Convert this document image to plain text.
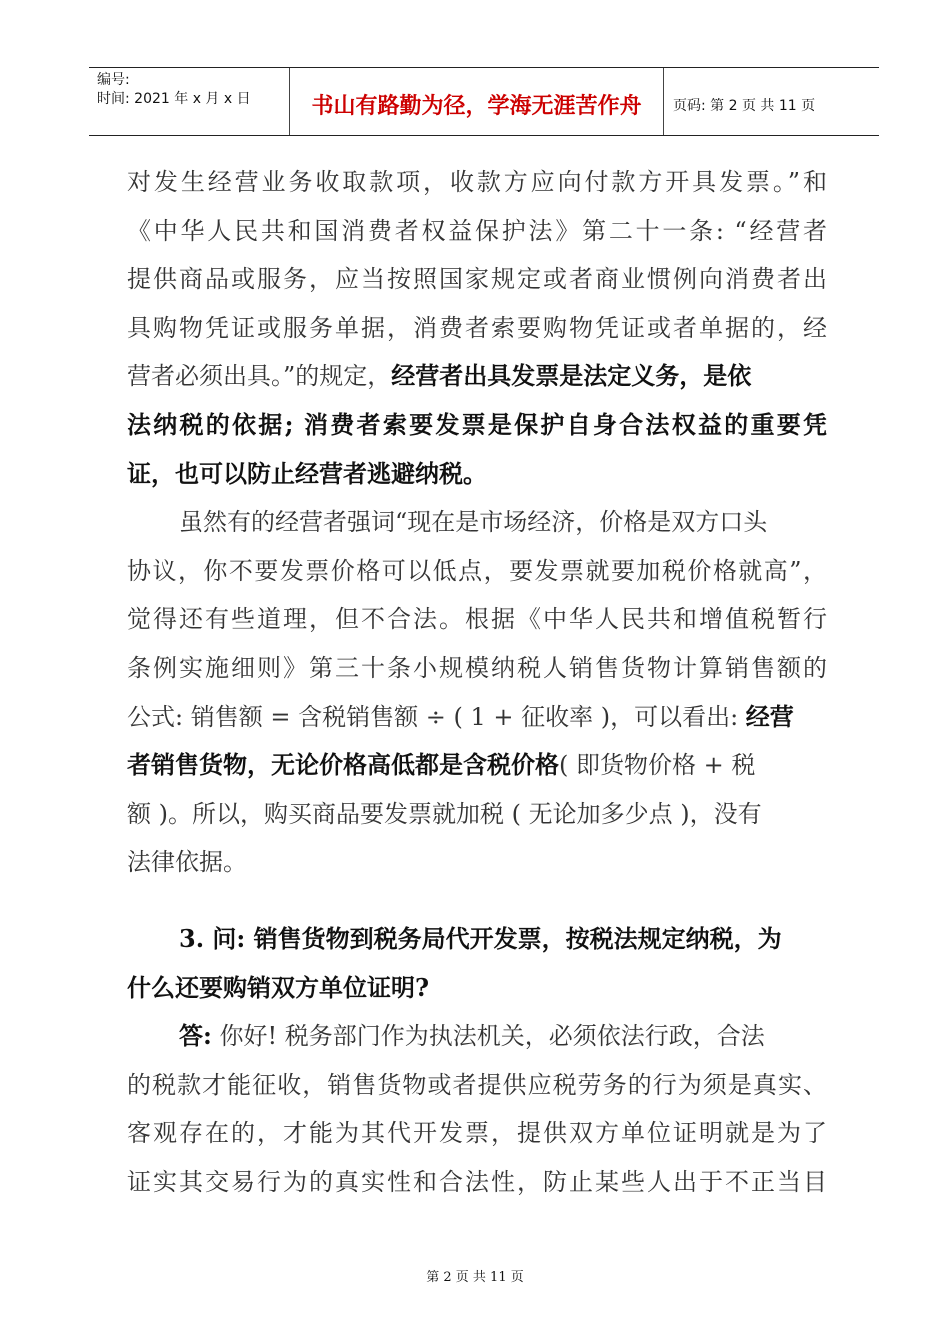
编号:
时间: 2021 年 x 月 x 日	书山有路勤为径，学海无涯苦作舟	页码: 第 2 页 共 11 页
对发生经营业务收取款项，收款方应向付款方开具发票。”和
《中华人民共和国消费者权益保护法》第二十一条: “经营者
提供商品或服务，应当按照国家规定或者商业惯例向消费者出
具购物凭证或服务单据，消费者索要购物凭证或者单据的，经
营者必须出具。”的规定，经营者出具发票是法定义务，是依
法纳税的依据; 消费者索要发票是保护自身合法权益的重要凭
证，也可以防止经营者逃避纳税。
虽然有的经营者强词“现在是市场经济，价格是双方口头
协议，你不要发票价格可以低点，要发票就要加税价格就高”，
觉得还有些道理，但不合法。根据《中华人民共和增值税暂行
条例实施细则》第三十条小规模纳税人销售货物计算销售额的
公式: 销售额 = 含税销售额 ÷ ( 1 + 征收率 )，可以看出: 经营
者销售货物，无论价格高低都是含税价格( 即货物价格 + 税
额 )。所以，购买商品要发票就加税 ( 无论加多少点 )，没有
法律依据。
3. 问: 销售货物到税务局代开发票，按税法规定纳税，为
什么还要购销双方单位证明?
答: 你好! 税务部门作为执法机关，必须依法行政，合法
的税款才能征收，销售货物或者提供应税劳务的行为须是真实、
客观存在的，才能为其代开发票，提供双方单位证明就是为了
证实其交易行为的真实性和合法性，防止某些人出于不正当目
第 2 页 共 11 页
